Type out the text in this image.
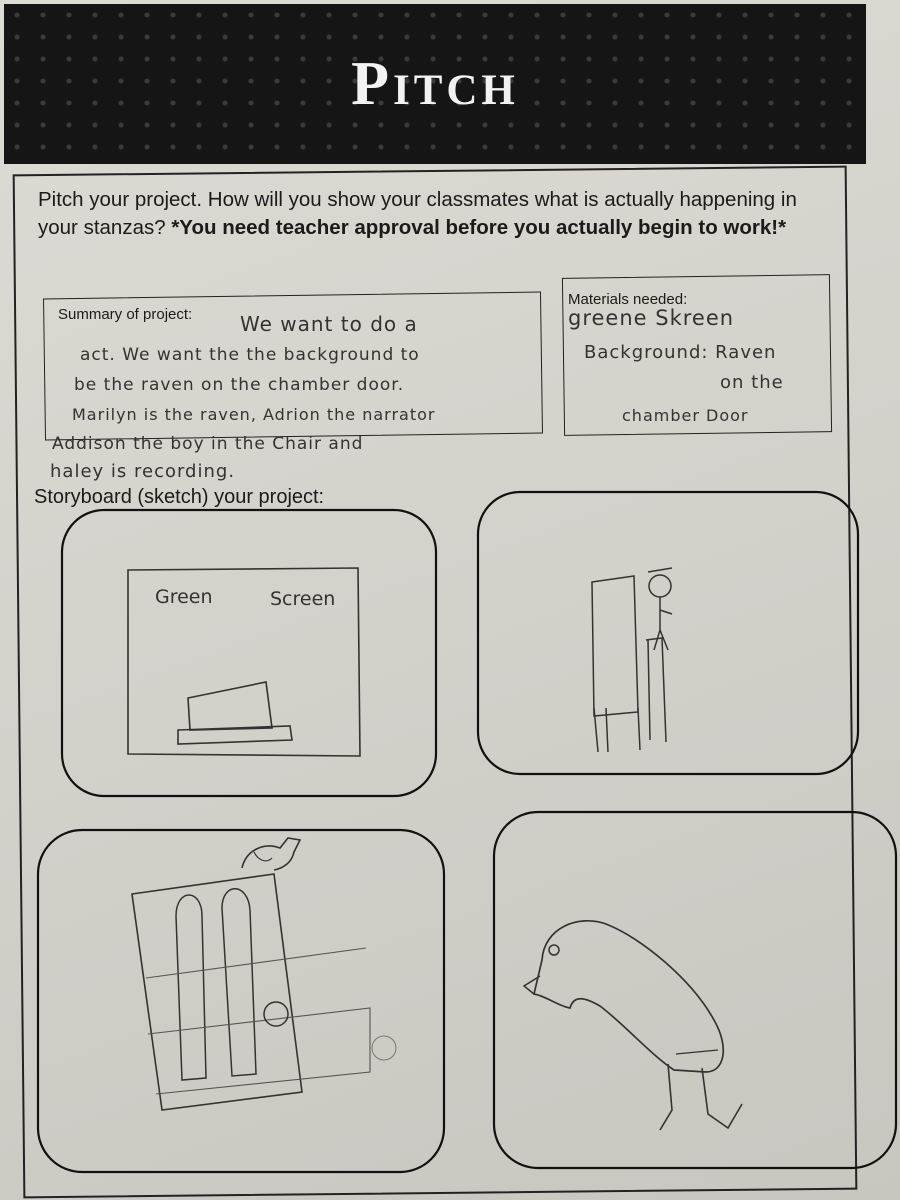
Pitch
Pitch your project. How will you show your classmates what is actually happening in your stanzas? *You need teacher approval before you actually begin to work!*
Summary of project: We want to do a
act. We want the the background to
be the raven on the chamber door.
Marilyn is the raven, Adrion the narrator
Addison the boy in the Chair and
haley is recording.
Materials needed:
greene Skreen
Background: Raven
on the
chamber Door
Storyboard (sketch) your project:
Green	Screen
